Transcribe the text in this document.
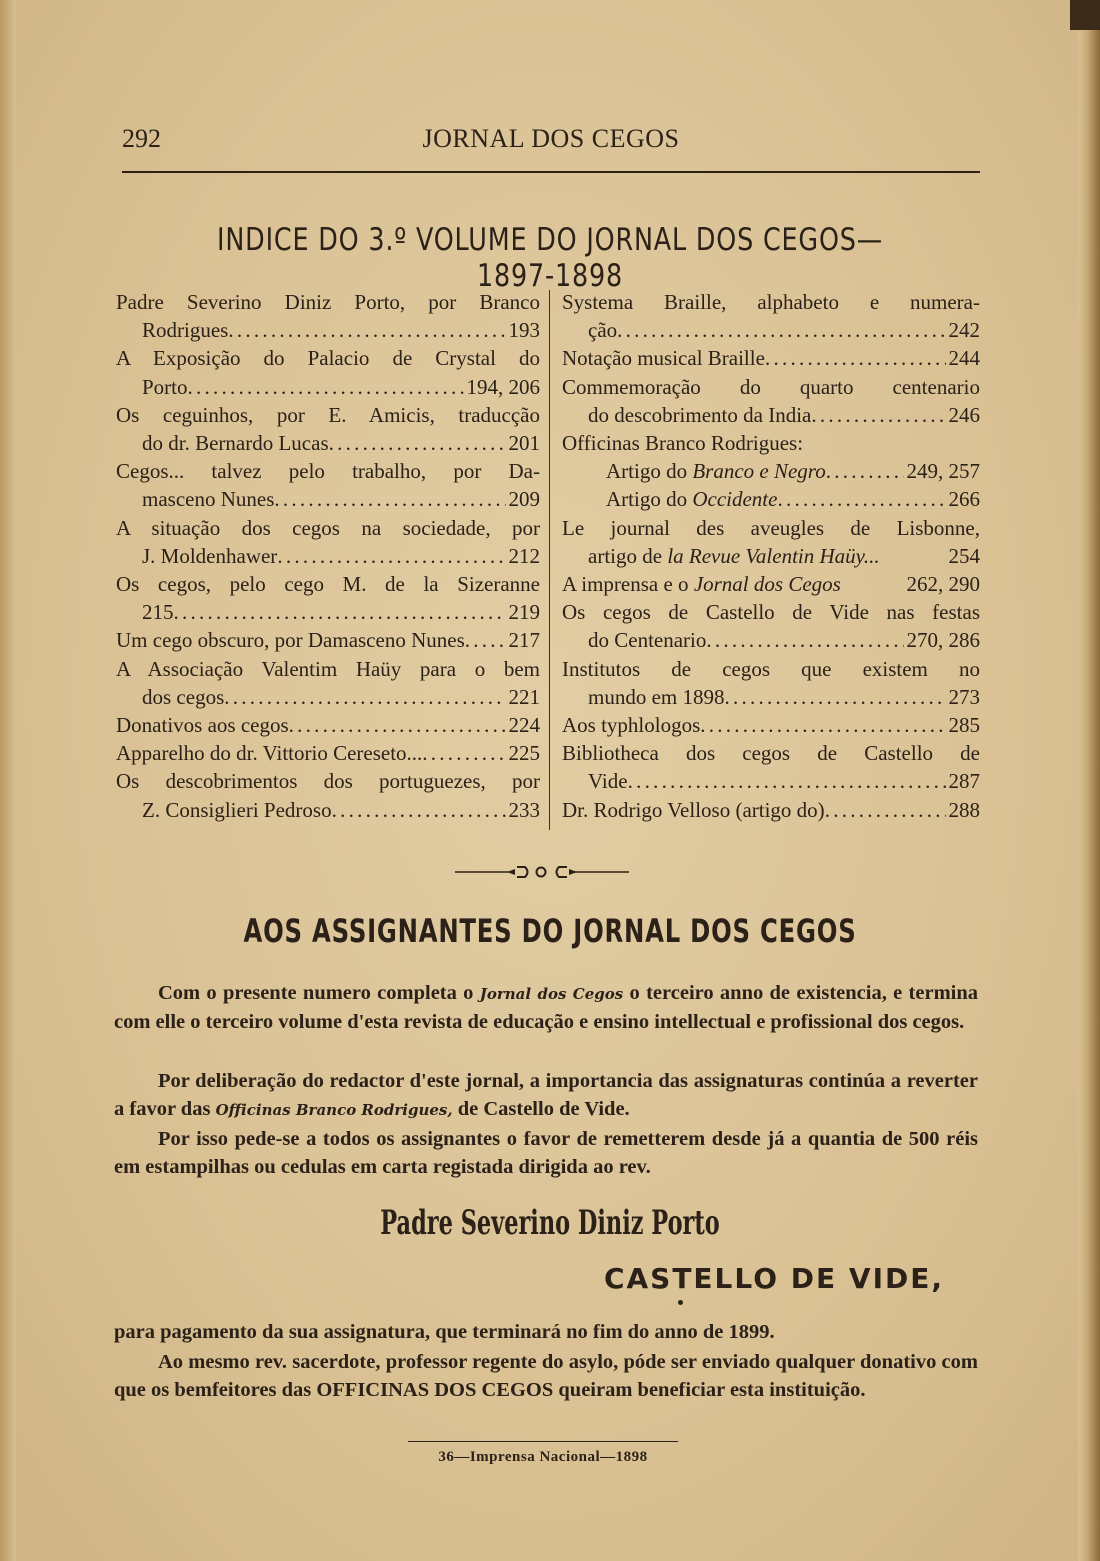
292	JORNAL DOS CEGOS
INDICE DO 3.º VOLUME DO JORNAL DOS CEGOS—1897-1898
Padre Severino Diniz Porto, por Branco
Rodrigues . . .	193
A Exposição do Palacio de Crystal do
Porto . . .	194, 206
Os ceguinhos, por E. Amicis, traducção
do dr. Bernardo Lucas . . .	201
Cegos... talvez pelo trabalho, por Da-
masceno Nunes . . .	209
A situação dos cegos na sociedade, por
J. Moldenhawer . . .	212
Os cegos, pelo cego M. de la Sizeranne
215 . . .	219
Um cego obscuro, por Damasceno Nunes . . . 217
A Associação Valentim Haüy para o bem
dos cegos . . .	221
Donativos aos cegos . . .	224
Apparelho do dr. Vittorio Cereseto... . . .	225
Os descobrimentos dos portuguezes, por
Z. Consiglieri Pedroso . . .	233
Systema Braille, alphabeto e numera-
ção . . .	242
Notação musical Braille . . .	244
Commemoração do quarto centenario
do descobrimento da India . . .	246
Officinas Branco Rodrigues:
Artigo do Branco e Negro . . .	249, 257
Artigo do Occidente . . .	266
Le journal des aveugles de Lisbonne,
artigo de la Revue Valentin Haüy...	254
A imprensa e o Jornal dos Cegos	262, 290
Os cegos de Castello de Vide nas festas
do Centenario . . .	270, 286
Institutos de cegos que existem no
mundo em 1898 . . .	273
Aos typhlologos . . .	285
Bibliotheca dos cegos de Castello de
Vide . . .	287
Dr. Rodrigo Velloso (artigo do) . . .	288
AOS ASSIGNANTES DO JORNAL DOS CEGOS
Com o presente numero completa o Jornal dos Cegos o terceiro anno de existencia, e termina com elle o terceiro volume d'esta revista de educação e ensino intellectual e profissional dos cegos.
Por deliberação do redactor d'este jornal, a importancia das assignaturas continúa a reverter a favor das Officinas Branco Rodrigues, de Castello de Vide.
Por isso pede-se a todos os assignantes o favor de remetterem desde já a quantia de 500 réis em estampilhas ou cedulas em carta registada dirigida ao rev.
Padre Severino Diniz Porto
CASTELLO DE VIDE,
para pagamento da sua assignatura, que terminará no fim do anno de 1899.
Ao mesmo rev. sacerdote, professor regente do asylo, póde ser enviado qualquer donativo com que os bemfeitores das OFFICINAS DOS CEGOS queiram beneficiar esta instituição.
36—Imprensa Nacional—1898
